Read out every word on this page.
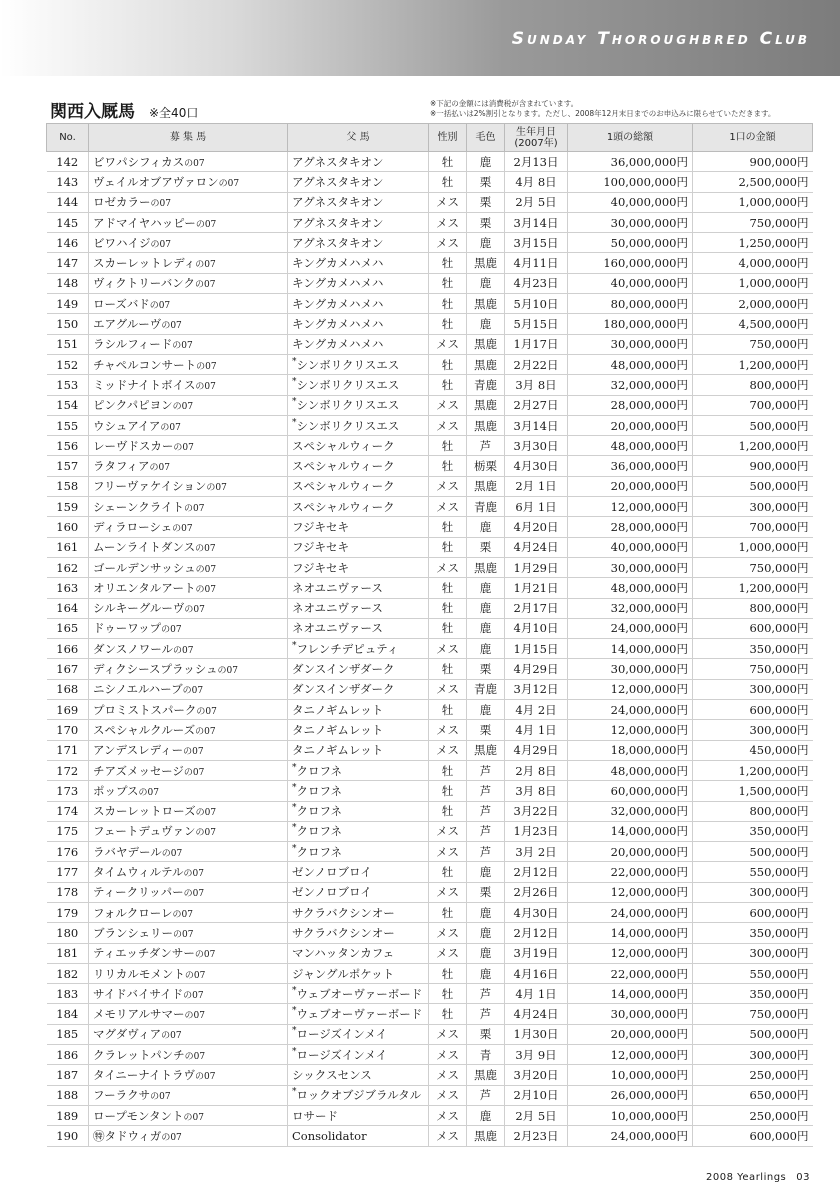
Sunday Thoroughbred Club
関西入厩馬 ※全40口
※下記の金額には消費税が含まれています。
※一括払いは2%割引となります。ただし、2008年12月末日までのお申込みに限らせていただきます。
No.	募 集 馬	父 馬	性別	毛色	生年月日
(2007年)	1頭の総額	1口の金額
142	ビワパシフィカスの07	アグネスタキオン	牡	鹿	2月13日	36,000,000円	900,000円
143	ヴェイルオブアヴァロンの07	アグネスタキオン	牡	栗	4月 8日	100,000,000円	2,500,000円
144	ロゼカラーの07	アグネスタキオン	メス	栗	2月 5日	40,000,000円	1,000,000円
145	アドマイヤハッピーの07	アグネスタキオン	メス	栗	3月14日	30,000,000円	750,000円
146	ビワハイジの07	アグネスタキオン	メス	鹿	3月15日	50,000,000円	1,250,000円
147	スカーレットレディの07	キングカメハメハ	牡	黒鹿	4月11日	160,000,000円	4,000,000円
148	ヴィクトリーバンクの07	キングカメハメハ	牡	鹿	4月23日	40,000,000円	1,000,000円
149	ローズバドの07	キングカメハメハ	牡	黒鹿	5月10日	80,000,000円	2,000,000円
150	エアグルーヴの07	キングカメハメハ	牡	鹿	5月15日	180,000,000円	4,500,000円
151	ラシルフィードの07	キングカメハメハ	メス	黒鹿	1月17日	30,000,000円	750,000円
152	チャペルコンサートの07	*シンボリクリスエス	牡	黒鹿	2月22日	48,000,000円	1,200,000円
153	ミッドナイトボイスの07	*シンボリクリスエス	牡	青鹿	3月 8日	32,000,000円	800,000円
154	ピンクパピヨンの07	*シンボリクリスエス	メス	黒鹿	2月27日	28,000,000円	700,000円
155	ウシュアイアの07	*シンボリクリスエス	メス	黒鹿	3月14日	20,000,000円	500,000円
156	レーヴドスカーの07	スペシャルウィーク	牡	芦	3月30日	48,000,000円	1,200,000円
157	ラタフィアの07	スペシャルウィーク	牡	栃栗	4月30日	36,000,000円	900,000円
158	フリーヴァケイションの07	スペシャルウィーク	メス	黒鹿	2月 1日	20,000,000円	500,000円
159	シェーンクライトの07	スペシャルウィーク	メス	青鹿	6月 1日	12,000,000円	300,000円
160	ディラローシェの07	フジキセキ	牡	鹿	4月20日	28,000,000円	700,000円
161	ムーンライトダンスの07	フジキセキ	牡	栗	4月24日	40,000,000円	1,000,000円
162	ゴールデンサッシュの07	フジキセキ	メス	黒鹿	1月29日	30,000,000円	750,000円
163	オリエンタルアートの07	ネオユニヴァース	牡	鹿	1月21日	48,000,000円	1,200,000円
164	シルキーグルーヴの07	ネオユニヴァース	牡	鹿	2月17日	32,000,000円	800,000円
165	ドゥーワップの07	ネオユニヴァース	牡	鹿	4月10日	24,000,000円	600,000円
166	ダンスノワールの07	*フレンチデピュティ	メス	鹿	1月15日	14,000,000円	350,000円
167	ディクシースプラッシュの07	ダンスインザダーク	牡	栗	4月29日	30,000,000円	750,000円
168	ニシノエルハーブの07	ダンスインザダーク	メス	青鹿	3月12日	12,000,000円	300,000円
169	プロミストスパークの07	タニノギムレット	牡	鹿	4月 2日	24,000,000円	600,000円
170	スペシャルクルーズの07	タニノギムレット	メス	栗	4月 1日	12,000,000円	300,000円
171	アンデスレディーの07	タニノギムレット	メス	黒鹿	4月29日	18,000,000円	450,000円
172	チアズメッセージの07	*クロフネ	牡	芦	2月 8日	48,000,000円	1,200,000円
173	ポップスの07	*クロフネ	牡	芦	3月 8日	60,000,000円	1,500,000円
174	スカーレットローズの07	*クロフネ	牡	芦	3月22日	32,000,000円	800,000円
175	フェートデュヴァンの07	*クロフネ	メス	芦	1月23日	14,000,000円	350,000円
176	ラバヤデールの07	*クロフネ	メス	芦	3月 2日	20,000,000円	500,000円
177	タイムウィルテルの07	ゼンノロブロイ	牡	鹿	2月12日	22,000,000円	550,000円
178	ティークリッパーの07	ゼンノロブロイ	メス	栗	2月26日	12,000,000円	300,000円
179	フォルクローレの07	サクラバクシンオー	牡	鹿	4月30日	24,000,000円	600,000円
180	ブランシェリーの07	サクラバクシンオー	メス	鹿	2月12日	14,000,000円	350,000円
181	ティエッチダンサーの07	マンハッタンカフェ	メス	鹿	3月19日	12,000,000円	300,000円
182	リリカルモメントの07	ジャングルポケット	牡	鹿	4月16日	22,000,000円	550,000円
183	サイドバイサイドの07	*ウェブオーヴァーボード	牡	芦	4月 1日	14,000,000円	350,000円
184	メモリアルサマーの07	*ウェブオーヴァーボード	牡	芦	4月24日	30,000,000円	750,000円
185	マグダヴィアの07	*ロージズインメイ	メス	栗	1月30日	20,000,000円	500,000円
186	クラレットパンチの07	*ロージズインメイ	メス	青	3月 9日	12,000,000円	300,000円
187	タイニーナイトラヴの07	シックスセンス	メス	黒鹿	3月20日	10,000,000円	250,000円
188	フーラクサの07	*ロックオブジブラルタル	メス	芦	2月10日	26,000,000円	650,000円
189	ロープモンタントの07	ロサード	メス	鹿	2月 5日	10,000,000円	250,000円
190	㊕タドウィガの07	Consolidator	メス	黒鹿	2月23日	24,000,000円	600,000円
2008 Yearlings 03
